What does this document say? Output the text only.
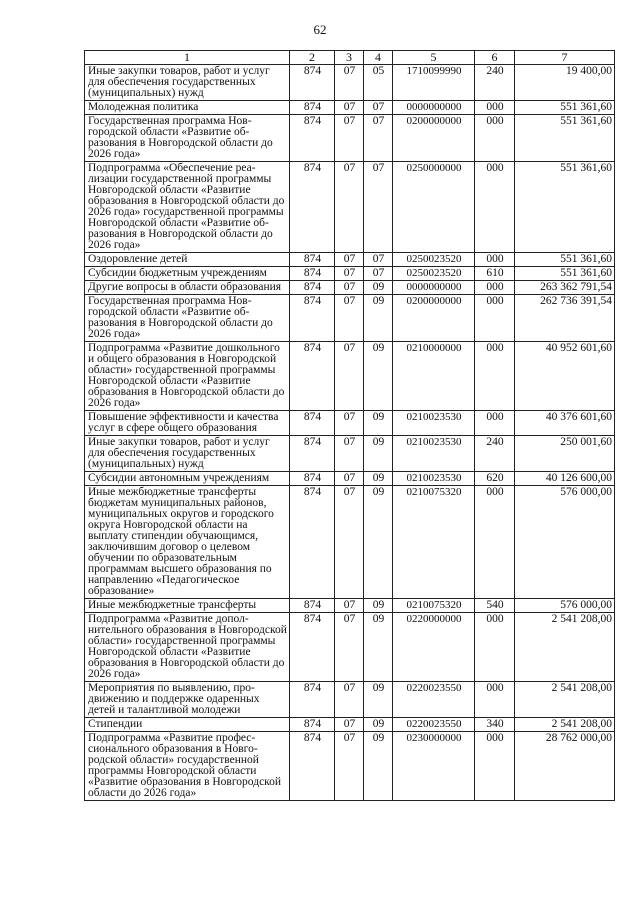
62
1	2	3	4	5	6	7
Иные закупки товаров, работ и услуг для обеспечения государственных (муниципальных) нужд	874	07	05	1710099990	240	19 400,00
Молодежная политика	874	07	07	0000000000	000	551 361,60
Государственная программа Новгородской области «Развитие образования в Новгородской области до 2026 года»	874	07	07	0200000000	000	551 361,60
Подпрограмма «Обеспечение реализации государственной программы Новгородской области «Развитие образования в Новгородской области до 2026 года» государственной программы Новгородской области «Развитие образования в Новгородской области до 2026 года»	874	07	07	0250000000	000	551 361,60
Оздоровление детей	874	07	07	0250023520	000	551 361,60
Субсидии бюджетным учреждениям	874	07	07	0250023520	610	551 361,60
Другие вопросы в области образования	874	07	09	0000000000	000	263 362 791,54
Государственная программа Новгородской области «Развитие образования в Новгородской области до 2026 года»	874	07	09	0200000000	000	262 736 391,54
Подпрограмма «Развитие дошкольного и общего образования в Новгородской области» государственной программы Новгородской области «Развитие образования в Новгородской области до 2026 года»	874	07	09	0210000000	000	40 952 601,60
Повышение эффективности и качества услуг в сфере общего образования	874	07	09	0210023530	000	40 376 601,60
Иные закупки товаров, работ и услуг для обеспечения государственных (муниципальных) нужд	874	07	09	0210023530	240	250 001,60
Субсидии автономным учреждениям	874	07	09	0210023530	620	40 126 600,00
Иные межбюджетные трансферты бюджетам муниципальных районов, муниципальных округов и городского округа Новгородской области на выплату стипендии обучающимся, заключившим договор о целевом обучении по образовательным программам высшего образования по направлению «Педагогическое образование»	874	07	09	0210075320	000	576 000,00
Иные межбюджетные трансферты	874	07	09	0210075320	540	576 000,00
Подпрограмма «Развитие дополнительного образования в Новгородской области» государственной программы Новгородской области «Развитие образования в Новгородской области до 2026 года»	874	07	09	0220000000	000	2 541 208,00
Мероприятия по выявлению, продвижению и поддержке одаренных детей и талантливой молодежи	874	07	09	0220023550	000	2 541 208,00
Стипендии	874	07	09	0220023550	340	2 541 208,00
Подпрограмма «Развитие профессионального образования в Новгородской области» государственной программы Новгородской области «Развитие образования в Новгородской области до 2026 года»	874	07	09	0230000000	000	28 762 000,00
